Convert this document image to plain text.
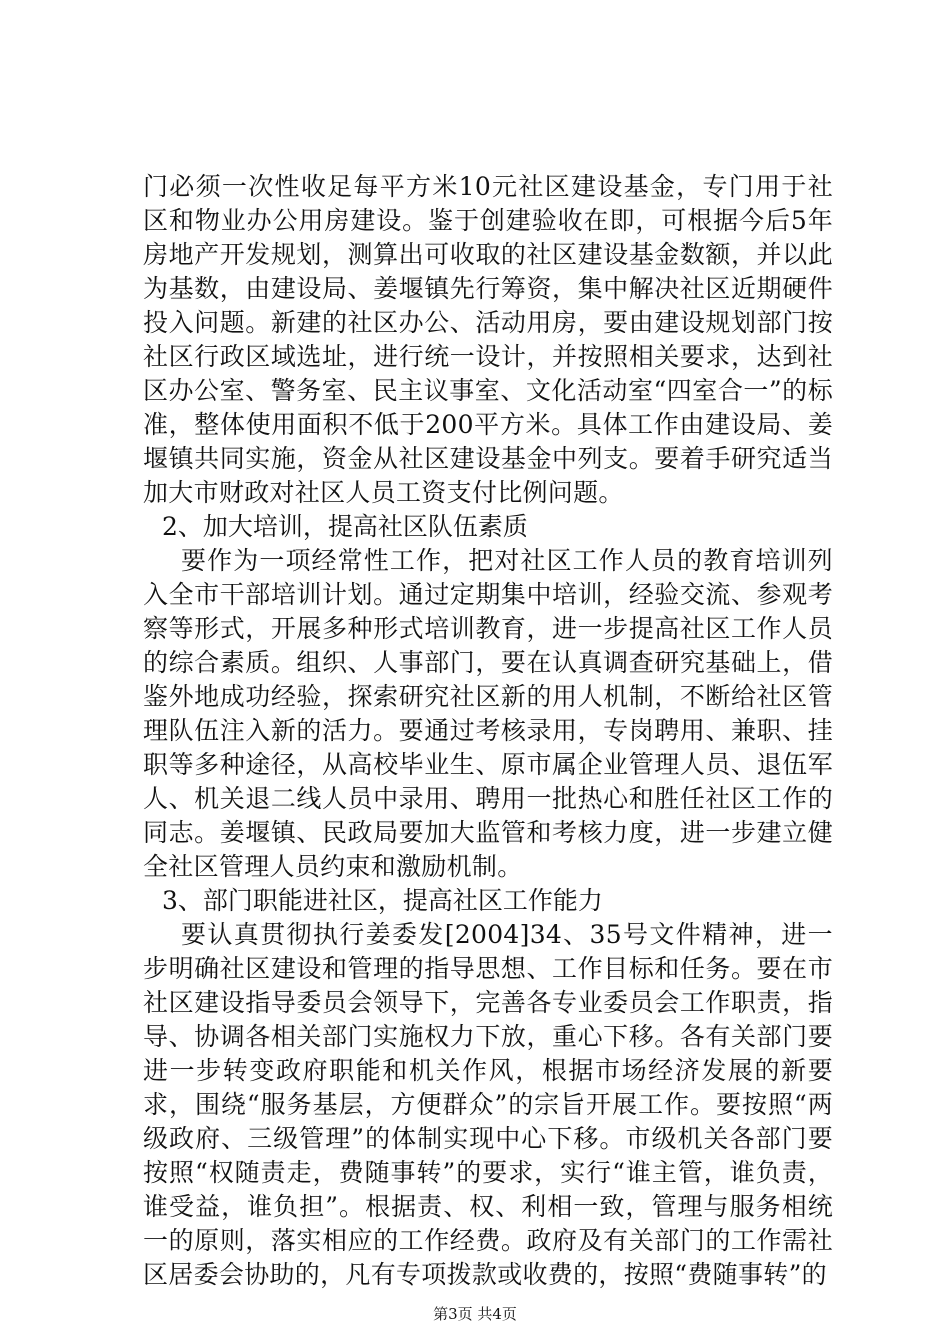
门必须一次性收足每平方米10元社区建设基金，专门用于社区和物业办公用房建设。鉴于创建验收在即，可根据今后5年房地产开发规划，测算出可收取的社区建设基金数额，并以此为基数，由建设局、姜堰镇先行筹资，集中解决社区近期硬件投入问题。新建的社区办公、活动用房，要由建设规划部门按社区行政区域选址，进行统一设计，并按照相关要求，达到社区办公室、警务室、民主议事室、文化活动室“四室合一”的标准，整体使用面积不低于200平方米。具体工作由建设局、姜堰镇共同实施，资金从社区建设基金中列支。要着手研究适当加大市财政对社区人员工资支付比例问题。

2、加大培训，提高社区队伍素质

要作为一项经常性工作，把对社区工作人员的教育培训列入全市干部培训计划。通过定期集中培训，经验交流、参观考察等形式，开展多种形式培训教育，进一步提高社区工作人员的综合素质。组织、人事部门，要在认真调查研究基础上，借鉴外地成功经验，探索研究社区新的用人机制，不断给社区管理队伍注入新的活力。要通过考核录用，专岗聘用、兼职、挂职等多种途径，从高校毕业生、原市属企业管理人员、退伍军人、机关退二线人员中录用、聘用一批热心和胜任社区工作的同志。姜堰镇、民政局要加大监管和考核力度，进一步建立健全社区管理人员约束和激励机制。

3、部门职能进社区，提高社区工作能力

要认真贯彻执行姜委发[2004]34、35号文件精神，进一步明确社区建设和管理的指导思想、工作目标和任务。要在市社区建设指导委员会领导下，完善各专业委员会工作职责，指导、协调各相关部门实施权力下放，重心下移。各有关部门要进一步转变政府职能和机关作风，根据市场经济发展的新要求，围绕“服务基层，方便群众”的宗旨开展工作。要按照“两级政府、三级管理”的体制实现中心下移。市级机关各部门要按照“权随责走，费随事转”的要求，实行“谁主管，谁负责，谁受益，谁负担”。根据责、权、利相一致，管理与服务相统一的原则，落实相应的工作经费。政府及有关部门的工作需社区居委会协助的，凡有专项拨款或收费的，按照“费随事转”的

第3页 共4页
